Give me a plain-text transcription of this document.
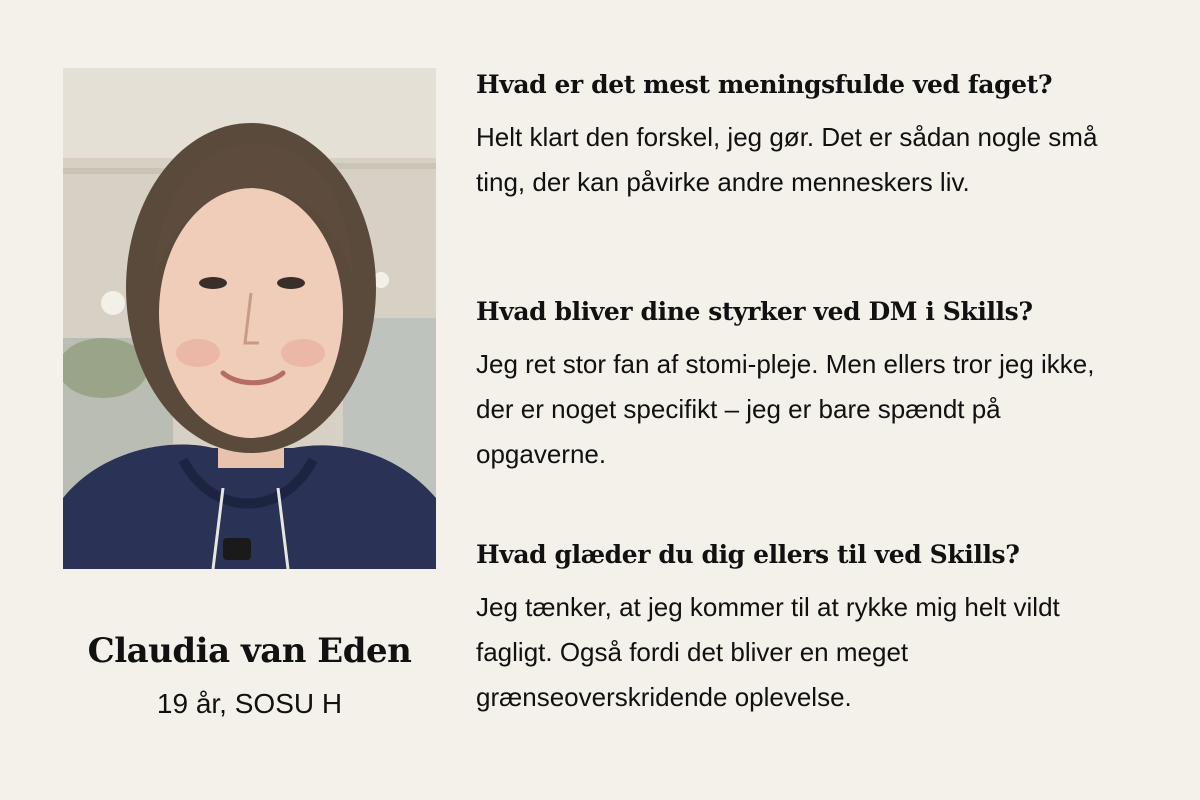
Claudia van Eden
19 år, SOSU H
Hvad er det mest meningsfulde ved faget?

Helt klart den forskel, jeg gør. Det er sådan nogle små ting, der kan påvirke andre menneskers liv.

Hvad bliver dine styrker ved DM i Skills?

Jeg ret stor fan af stomi-pleje. Men ellers tror jeg ikke, der er noget specifikt – jeg er bare spændt på opgaverne.

Hvad glæder du dig ellers til ved Skills?

Jeg tænker, at jeg kommer til at rykke mig helt vildt fagligt. Også fordi det bliver en meget grænseoverskridende oplevelse.
